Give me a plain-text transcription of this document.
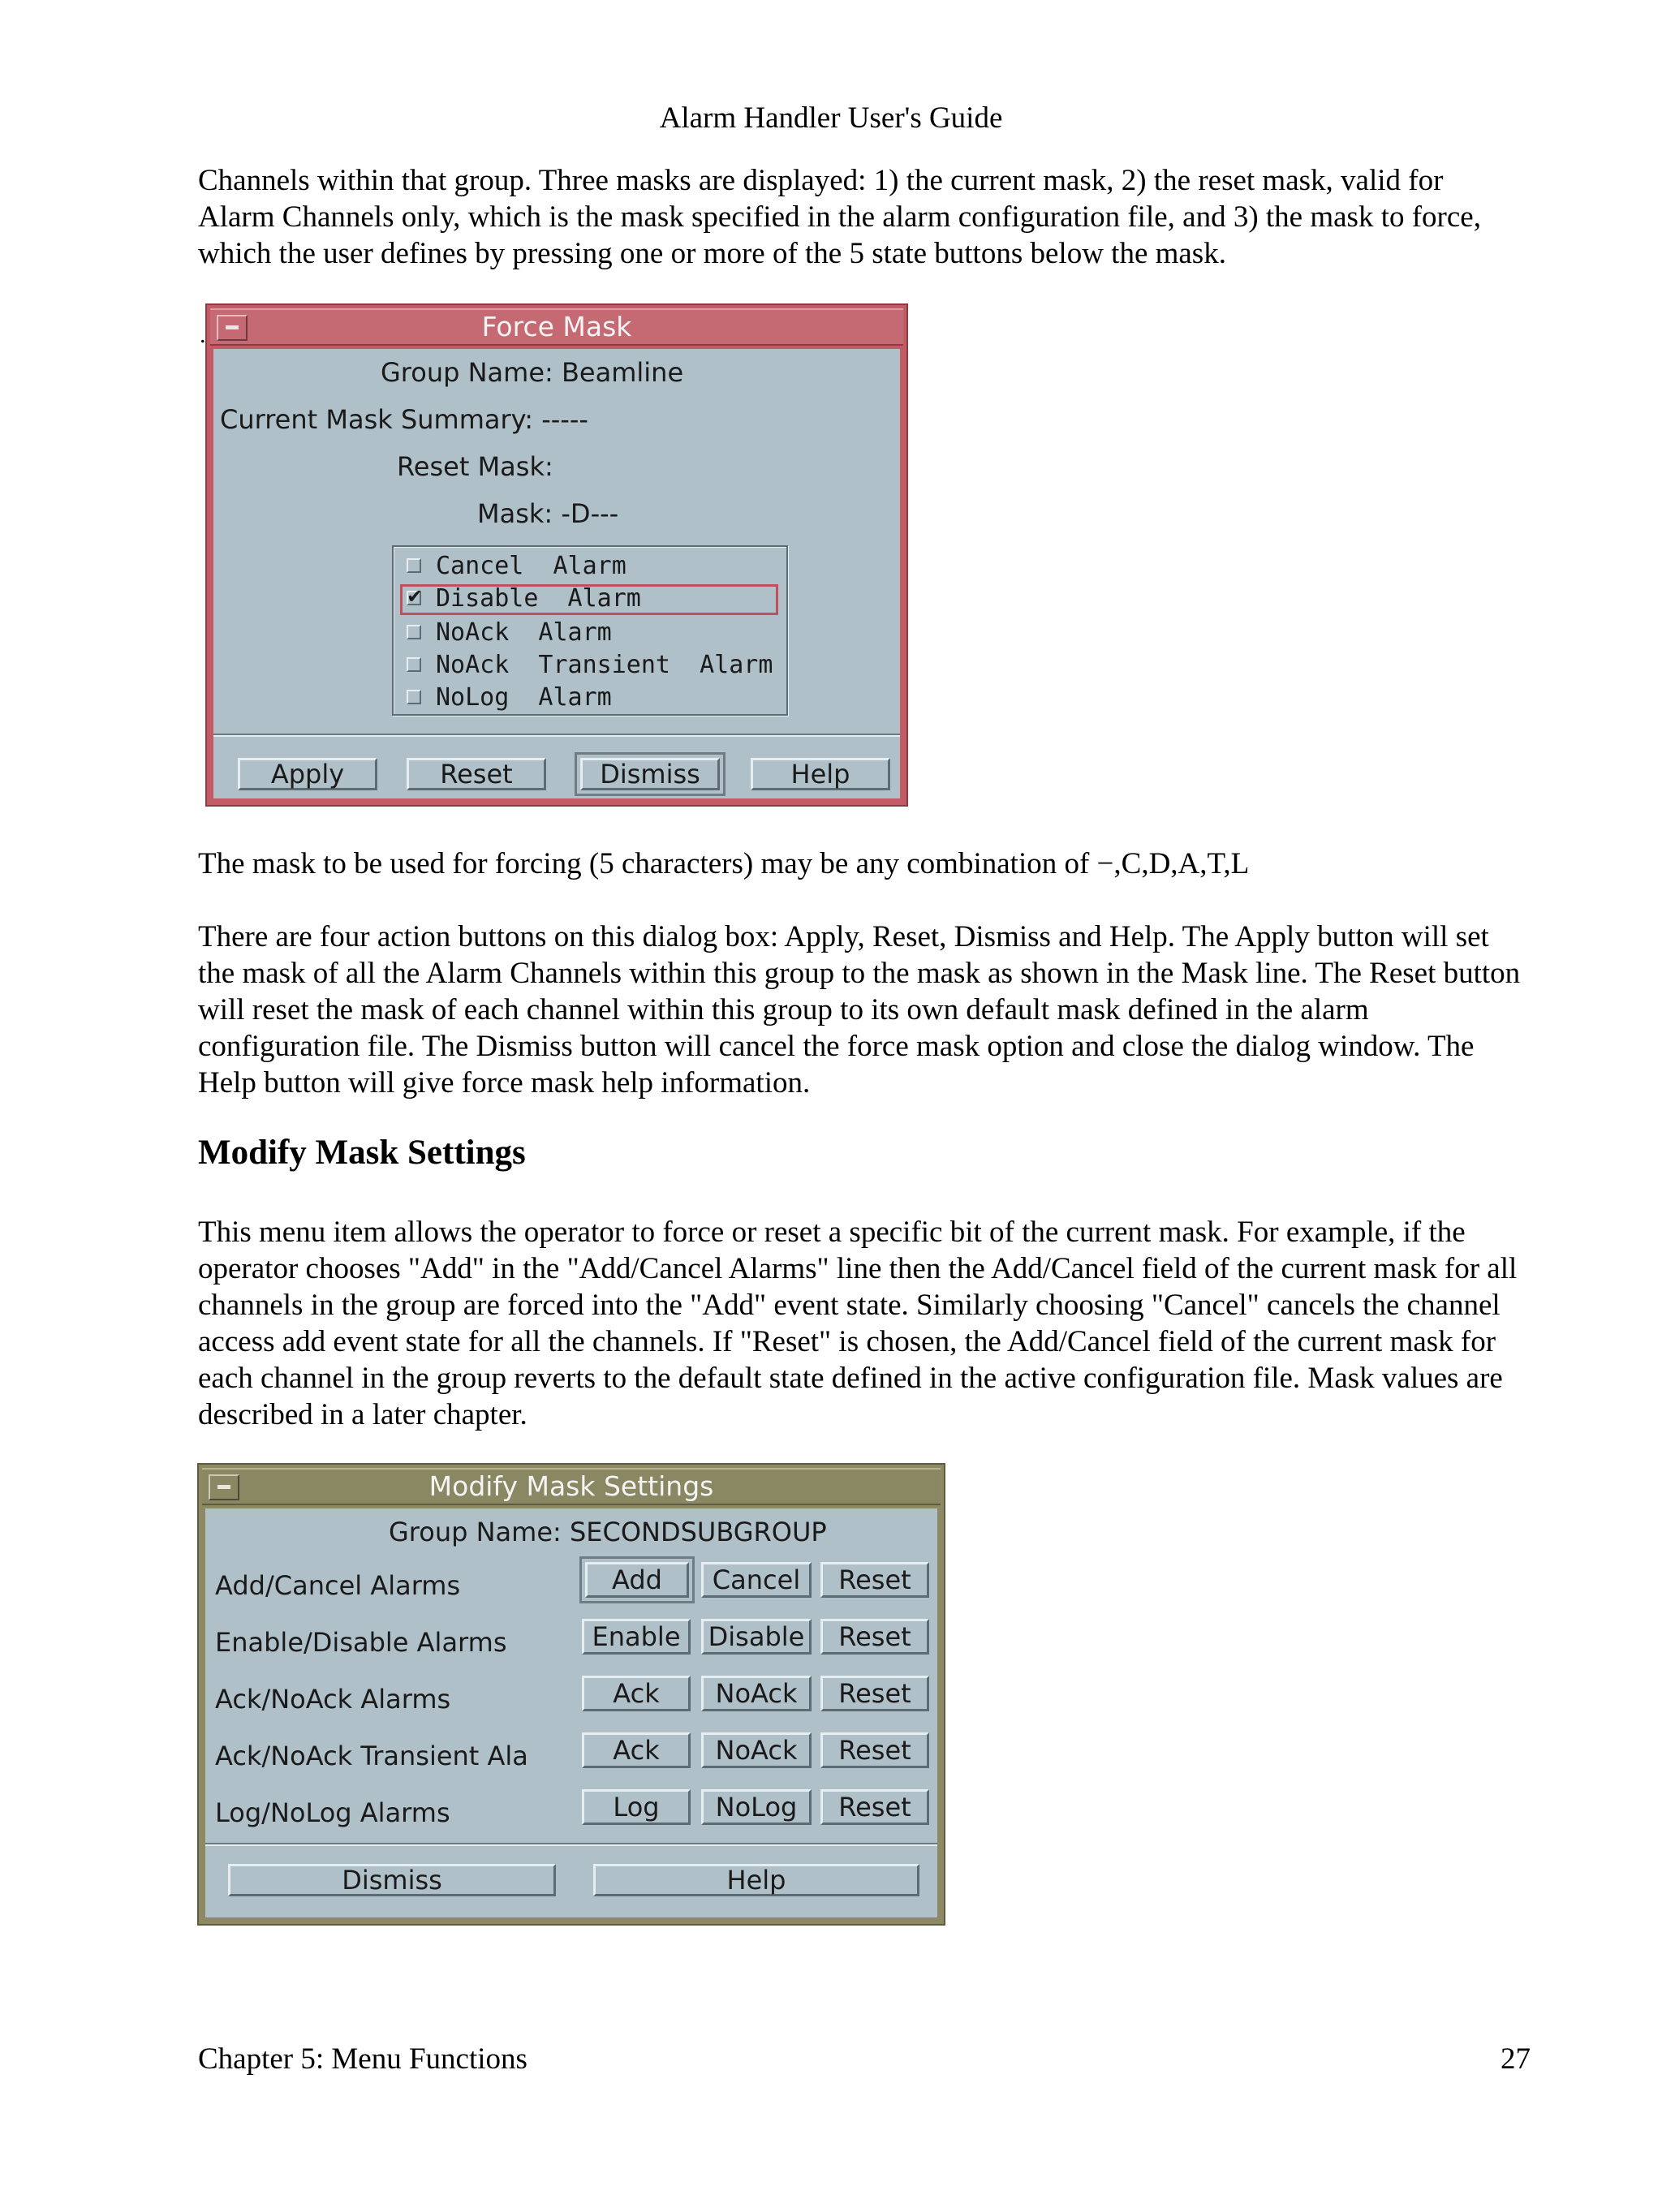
Alarm Handler User's Guide
Channels within that group. Three masks are displayed: 1) the current mask, 2) the reset mask, valid for
Alarm Channels only, which is the mask specified in the alarm configuration file, and 3) the mask to force,
which the user defines by pressing one or more of the 5 state buttons below the mask.
.	Force Mask
Group Name: Beamline
Current Mask Summary: -----
Reset Mask:
Mask: -D---
Cancel  Alarm
✔ Disable  Alarm
NoAck  Alarm
NoAck  Transient  Alarm
NoLog  Alarm
Apply	Reset	Dismiss	Help
The mask to be used for forcing (5 characters) may be any combination of −,C,D,A,T,L
There are four action buttons on this dialog box: Apply, Reset, Dismiss and Help. The Apply button will set
the mask of all the Alarm Channels within this group to the mask as shown in the Mask line. The Reset button
will reset the mask of each channel within this group to its own default mask defined in the alarm
configuration file. The Dismiss button will cancel the force mask option and close the dialog window. The
Help button will give force mask help information.
Modify Mask Settings
This menu item allows the operator to force or reset a specific bit of the current mask. For example, if the
operator chooses "Add" in the "Add/Cancel Alarms" line then the Add/Cancel field of the current mask for all
channels in the group are forced into the "Add" event state. Similarly choosing "Cancel" cancels the channel
access add event state for all the channels. If "Reset" is chosen, the Add/Cancel field of the current mask for
each channel in the group reverts to the default state defined in the active configuration file. Mask values are
described in a later chapter.
Modify Mask Settings
Group Name: SECONDSUBGROUP
Add/Cancel Alarms	Add	Cancel	Reset
Enable/Disable Alarms	Enable	Disable	Reset
Ack/NoAck Alarms	Ack	NoAck	Reset
Ack/NoAck Transient Ala	Ack	NoAck	Reset
Log/NoLog Alarms	Log	NoLog	Reset
Dismiss	Help
Chapter 5: Menu Functions	27
